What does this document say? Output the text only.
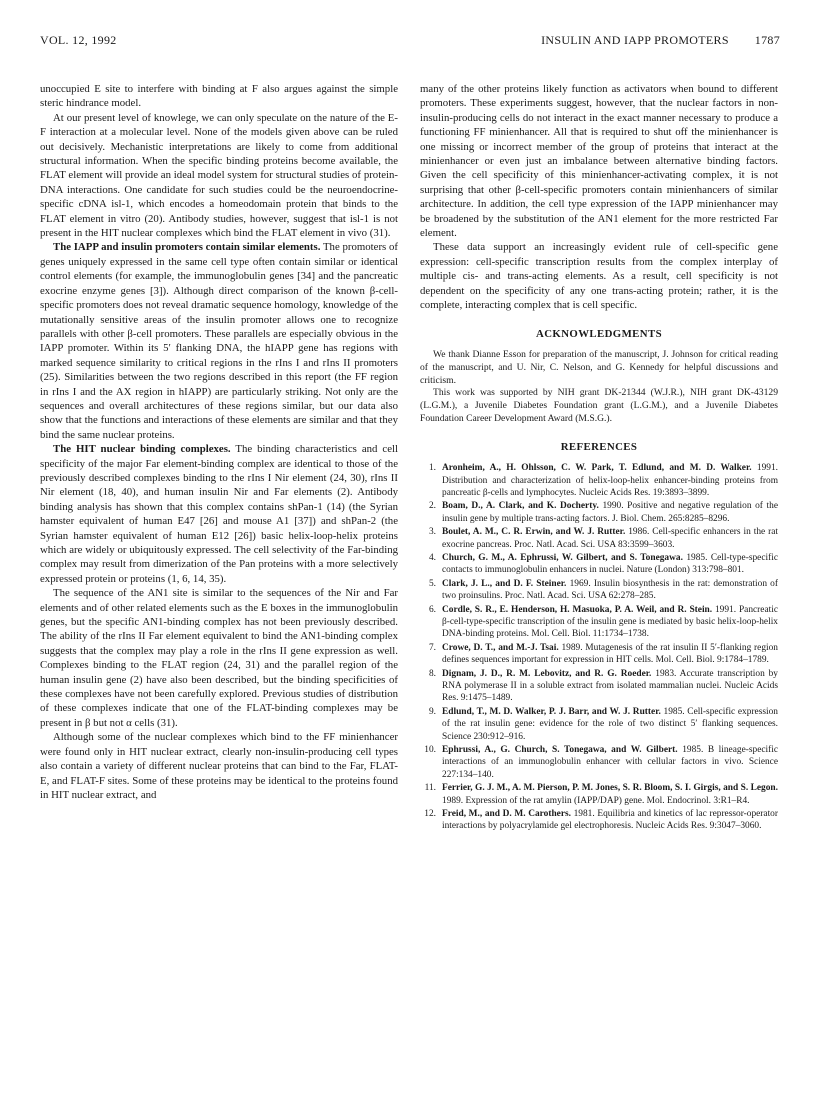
VOL. 12, 1992	INSULIN AND IAPP PROMOTERS 1787

unoccupied E site to interfere with binding at F also argues against the simple steric hindrance model.

At our present level of knowlege, we can only speculate on the nature of the E-F interaction at a molecular level. None of the models given above can be ruled out decisively. Mechanistic interpretations are likely to come from additional structural information. When the specific binding proteins become available, the FLAT element will provide an ideal model system for structural studies of protein-DNA interactions. One candidate for such studies could be the neuroendocrine-specific cDNA isl-1, which encodes a homeodomain protein that binds to the FLAT element in vitro (20). Antibody studies, however, suggest that isl-1 is not present in the HIT nuclear complexes which bind the FLAT element in vivo (31).

The IAPP and insulin promoters contain similar elements. The promoters of genes uniquely expressed in the same cell type often contain similar or identical control elements (for example, the immunoglobulin genes [34] and the pancreatic exocrine enzyme genes [3]). Although direct comparison of the known β-cell-specific promoters does not reveal dramatic sequence homology, knowledge of the mutationally sensitive areas of the insulin promoter allows one to recognize parallels with other β-cell promoters. These parallels are especially obvious in the IAPP promoter. Within its 5′ flanking DNA, the hIAPP gene has regions with marked sequence similarity to critical regions in the rIns I and rIns II promoters (25). Similarities between the two regions described in this report (the FF region in rIns I and the AX region in hIAPP) are particularly striking. Not only are the sequences and overall architectures of these regions similar, but our data also show that the functions and interactions of these elements are similar and that they bind the same nuclear proteins.

The HIT nuclear binding complexes. The binding characteristics and cell specificity of the major Far element-binding complex are identical to those of the previously described complexes binding to the rIns I Nir element (24, 30), rIns II Nir element (18, 40), and human insulin Nir and Far elements (2). Antibody binding analysis has shown that this complex contains shPan-1 (14) (the Syrian hamster equivalent of human E47 [26] and mouse A1 [37]) and shPan-2 (the Syrian hamster equivalent of human E12 [26]) basic helix-loop-helix proteins which are widely or ubiquitously expressed. The cell selectivity of the Far-binding complex may result from dimerization of the Pan proteins with a more selectively expressed protein or proteins (1, 6, 14, 35).

The sequence of the AN1 site is similar to the sequences of the Nir and Far elements and of other related elements such as the E boxes in the immunoglobulin genes, but the specific AN1-binding complex has not been previously described. The ability of the rIns II Far element equivalent to bind the AN1-binding complex suggests that the complex may play a role in the rIns II gene expression as well. Complexes binding to the FLAT region (24, 31) and the parallel region of the human insulin gene (2) have also been described, but the binding specificities of these complexes have not been carefully explored. Previous studies of distribution of these complexes indicate that one of the FLAT-binding complexes may be present in β but not α cells (31).

Although some of the nuclear complexes which bind to the FF minienhancer were found only in HIT nuclear extract, clearly non-insulin-producing cell types also contain a variety of different nuclear proteins that can bind to the Far, FLAT-E, and FLAT-F sites. Some of these proteins may be identical to the proteins found in HIT nuclear extract, and

many of the other proteins likely function as activators when bound to different promoters. These experiments suggest, however, that the nuclear factors in non-insulin-producing cells do not interact in the exact manner necessary to produce a functioning FF minienhancer. All that is required to shut off the minienhancer is one missing or incorrect member of the group of proteins that interact at the minienhancer or even just an imbalance between alternative binding factors. Given the cell specificity of this minienhancer-activating complex, it is not surprising that other β-cell-specific promoters contain minienhancers of similar architecture. In addition, the cell type expression of the IAPP minienhancer may be broadened by the substitution of the AN1 element for the more restricted Far element.

These data support an increasingly evident rule of cell-specific gene expression: cell-specific transcription results from the complex interplay of multiple cis- and trans-acting elements. As a result, cell specificity is not dependent on the specificity of any one trans-acting protein; rather, it is the complete, interacting complex that is cell specific.

ACKNOWLEDGMENTS

We thank Dianne Esson for preparation of the manuscript, J. Johnson for critical reading of the manuscript, and U. Nir, C. Nelson, and G. Kennedy for helpful discussions and criticism.

This work was supported by NIH grant DK-21344 (W.J.R.), NIH grant DK-43129 (L.G.M.), a Juvenile Diabetes Foundation grant (L.G.M.), and a Juvenile Diabetes Foundation Career Development Award (M.S.G.).

REFERENCES
1. Aronheim, A., H. Ohlsson, C. W. Park, T. Edlund, and M. D. Walker. 1991. Distribution and characterization of helix-loop-helix enhancer-binding proteins from pancreatic β-cells and lymphocytes. Nucleic Acids Res. 19:3893–3899.
2. Boam, D., A. Clark, and K. Docherty. 1990. Positive and negative regulation of the insulin gene by multiple trans-acting factors. J. Biol. Chem. 265:8285–8296.
3. Boulet, A. M., C. R. Erwin, and W. J. Rutter. 1986. Cell-specific enhancers in the rat exocrine pancreas. Proc. Natl. Acad. Sci. USA 83:3599–3603.
4. Church, G. M., A. Ephrussi, W. Gilbert, and S. Tonegawa. 1985. Cell-type-specific contacts to immunoglobulin enhancers in nuclei. Nature (London) 313:798–801.
5. Clark, J. L., and D. F. Steiner. 1969. Insulin biosynthesis in the rat: demonstration of two proinsulins. Proc. Natl. Acad. Sci. USA 62:278–285.
6. Cordle, S. R., E. Henderson, H. Masuoka, P. A. Weil, and R. Stein. 1991. Pancreatic β-cell-type-specific transcription of the insulin gene is mediated by basic helix-loop-helix DNA-binding proteins. Mol. Cell. Biol. 11:1734–1738.
7. Crowe, D. T., and M.-J. Tsai. 1989. Mutagenesis of the rat insulin II 5′-flanking region defines sequences important for expression in HIT cells. Mol. Cell. Biol. 9:1784–1789.
8. Dignam, J. D., R. M. Lebovitz, and R. G. Roeder. 1983. Accurate transcription by RNA polymerase II in a soluble extract from isolated mammalian nuclei. Nucleic Acids Res. 9:1475–1489.
9. Edlund, T., M. D. Walker, P. J. Barr, and W. J. Rutter. 1985. Cell-specific expression of the rat insulin gene: evidence for the role of two distinct 5′ flanking sequences. Science 230:912–916.
10. Ephrussi, A., G. Church, S. Tonegawa, and W. Gilbert. 1985. B lineage-specific interactions of an immunoglobulin enhancer with cellular factors in vivo. Science 227:134–140.
11. Ferrier, G. J. M., A. M. Pierson, P. M. Jones, S. R. Bloom, S. I. Girgis, and S. Legon. 1989. Expression of the rat amylin (IAPP/DAP) gene. Mol. Endocrinol. 3:R1–R4.
12. Freid, M., and D. M. Carothers. 1981. Equilibria and kinetics of lac repressor-operator interactions by polyacrylamide gel electrophoresis. Nucleic Acids Res. 9:3047–3060.
